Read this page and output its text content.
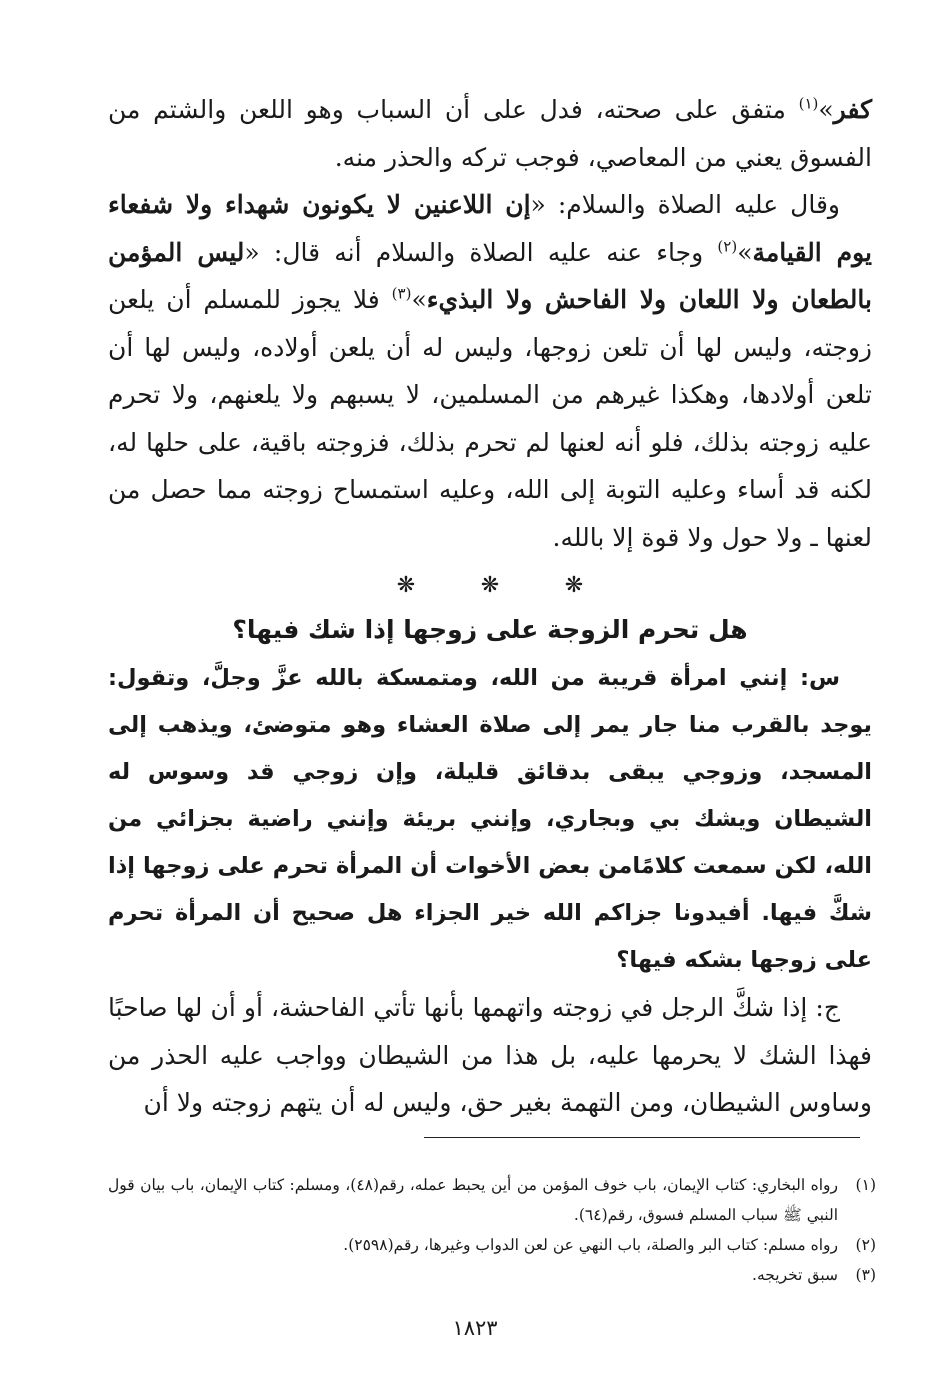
كفر»$^{(١)}$ متفق على صحته، فدل على أن السباب وهو اللعن والشتم من الفسوق يعني من المعاصي، فوجب تركه والحذر منه.

وقال عليه الصلاة والسلام: «إن اللاعنين لا يكونون شهداء ولا شفعاء يوم القيامة»$^{(٢)}$ وجاء عنه عليه الصلاة والسلام أنه قال: «ليس المؤمن بالطعان ولا اللعان ولا الفاحش ولا البذيء»$^{(٣)}$ فلا يجوز للمسلم أن يلعن زوجته، وليس لها أن تلعن زوجها، وليس له أن يلعن أولاده، وليس لها أن تلعن أولادها، وهكذا غيرهم من المسلمين، لا يسبهم ولا يلعنهم، ولا تحرم عليه زوجته بذلك، فلو أنه لعنها لم تحرم بذلك، فزوجته باقية، على حلها له، لكنه قد أساء وعليه التوبة إلى الله، وعليه استمساح زوجته مما حصل من لعنها ـ ولا حول ولا قوة إلا بالله.

❋❋❋
هل تحرم الزوجة على زوجها إذا شك فيها؟

س: إنني امرأة قريبة من الله، ومتمسكة بالله عزَّ وجلَّ، وتقول: يوجد بالقرب منا جار يمر إلى صلاة العشاء وهو متوضئ، ويذهب إلى المسجد، وزوجي يبقى بدقائق قليلة، وإن زوجي قد وسوس له الشيطان ويشك بي وبجاري، وإنني بريئة وإنني راضية بجزائي من الله، لكن سمعت كلامًامن بعض الأخوات أن المرأة تحرم على زوجها إذا شكَّ فيها. أفيدونا جزاكم الله خير الجزاء هل صحيح أن المرأة تحرم على زوجها بشكه فيها؟

ج: إذا شكَّ الرجل في زوجته واتهمها بأنها تأتي الفاحشة، أو أن لها صاحبًا فهذا الشك لا يحرمها عليه، بل هذا من الشيطان وواجب عليه الحذر من وساوس الشيطان، ومن التهمة بغير حق، وليس له أن يتهم زوجته ولا أن

(١)
رواه البخاري: كتاب الإيمان، باب خوف المؤمن من أين يحبط عمله، رقم(٤٨)، ومسلم: كتاب الإيمان، باب بيان قول النبي ﷺ سباب المسلم فسوق، رقم(٦٤).
(٢)
رواه مسلم: كتاب البر والصلة، باب النهي عن لعن الدواب وغيرها، رقم(٢٥٩٨).
(٣)
سبق تخريجه.
١٨٢٣
